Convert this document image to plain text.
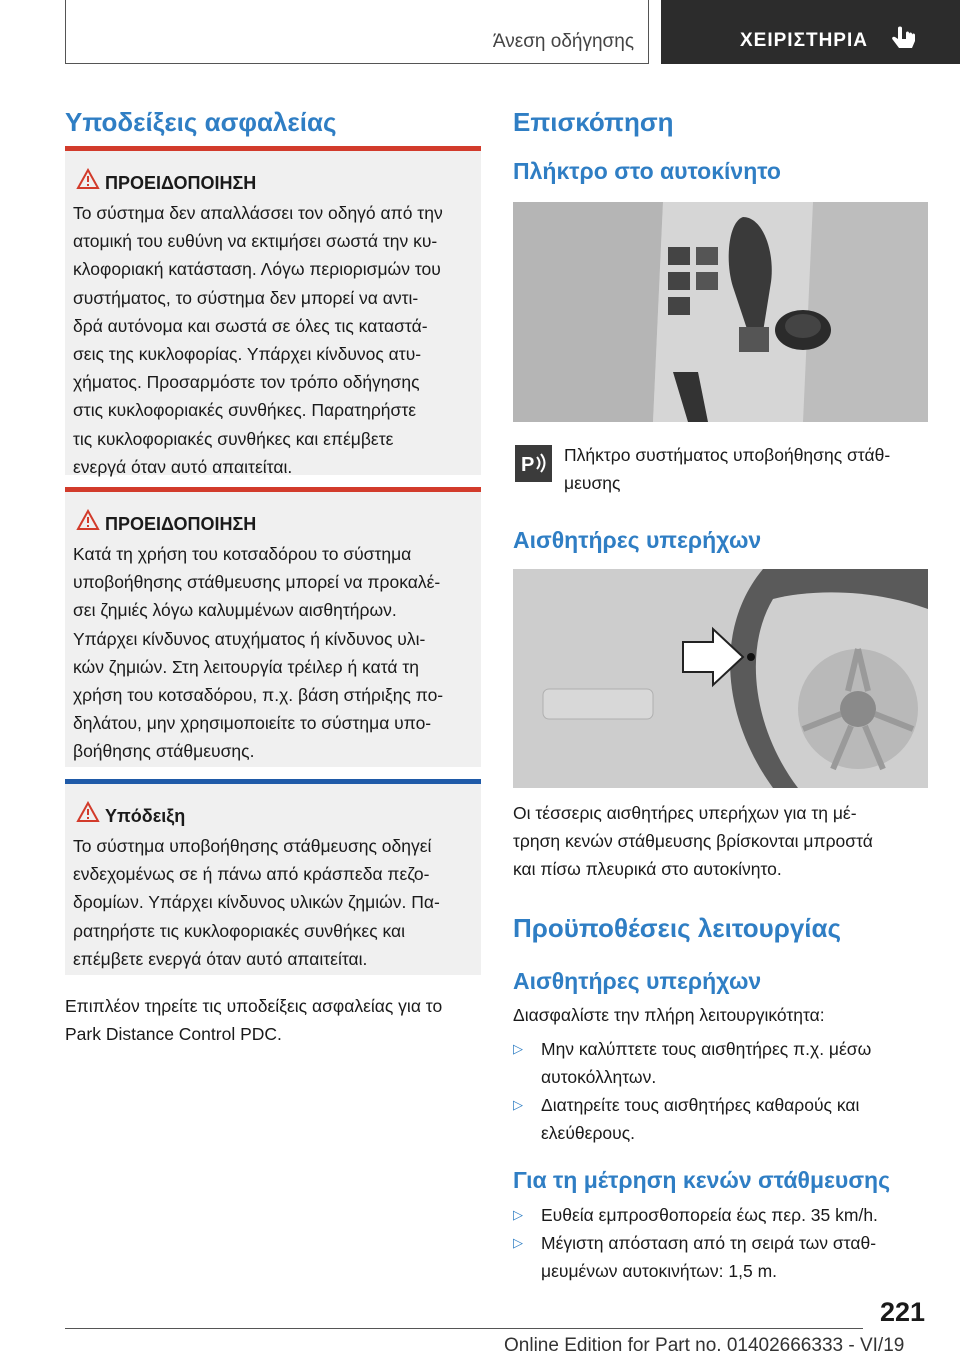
Άνεση οδήγησης	ΧΕΙΡΙΣΤΗΡΙΑ
Υποδείξεις ασφαλείας
ΠΡΟΕΙΔΟΠΟΙΗΣΗ
Το σύστημα δεν απαλλάσσει τον οδηγό από την
ατομική του ευθύνη να εκτιμήσει σωστά την κυ-
κλοφοριακή κατάσταση. Λόγω περιορισμών του
συστήματος, το σύστημα δεν μπορεί να αντι-
δρά αυτόνομα και σωστά σε όλες τις καταστά-
σεις της κυκλοφορίας. Υπάρχει κίνδυνος ατυ-
χήματος. Προσαρμόστε τον τρόπο οδήγησης
στις κυκλοφοριακές συνθήκες. Παρατηρήστε
τις κυκλοφοριακές συνθήκες και επέμβετε
ενεργά όταν αυτό απαιτείται.
ΠΡΟΕΙΔΟΠΟΙΗΣΗ
Κατά τη χρήση του κοτσαδόρου το σύστημα
υποβοήθησης στάθμευσης μπορεί να προκαλέ-
σει ζημιές λόγω καλυμμένων αισθητήρων.
Υπάρχει κίνδυνος ατυχήματος ή κίνδυνος υλι-
κών ζημιών. Στη λειτουργία τρέιλερ ή κατά τη
χρήση του κοτσαδόρου, π.χ. βάση στήριξης πο-
δηλάτου, μην χρησιμοποιείτε το σύστημα υπο-
βοήθησης στάθμευσης.
Υπόδειξη
Το σύστημα υποβοήθησης στάθμευσης οδηγεί
ενδεχομένως σε ή πάνω από κράσπεδα πεζο-
δρομίων. Υπάρχει κίνδυνος υλικών ζημιών. Πα-
ρατηρήστε τις κυκλοφοριακές συνθήκες και
επέμβετε ενεργά όταν αυτό απαιτείται.
Επιπλέον τηρείτε τις υποδείξεις ασφαλείας για το
Park Distance Control PDC.
Επισκόπηση
Πλήκτρο στο αυτοκίνητο
P Πλήκτρο συστήματος υποβοήθησης στάθ-
μευσης
Αισθητήρες υπερήχων
Οι τέσσερις αισθητήρες υπερήχων για τη μέ-
τρηση κενών στάθμευσης βρίσκονται μπροστά
και πίσω πλευρικά στο αυτοκίνητο.
Προϋποθέσεις λειτουργίας
Αισθητήρες υπερήχων
Διασφαλίστε την πλήρη λειτουργικότητα:
▷ Μην καλύπτετε τους αισθητήρες π.χ. μέσω
αυτοκόλλητων.
▷ Διατηρείτε τους αισθητήρες καθαρούς και
ελεύθερους.
Για τη μέτρηση κενών στάθμευσης
▷ Ευθεία εμπροσθοπορεία έως περ. 35 km/h.
▷ Μέγιστη απόσταση από τη σειρά των σταθ-
μευμένων αυτοκινήτων: 1,5 m.
221
Online Edition for Part no. 01402666333 - VI/19
